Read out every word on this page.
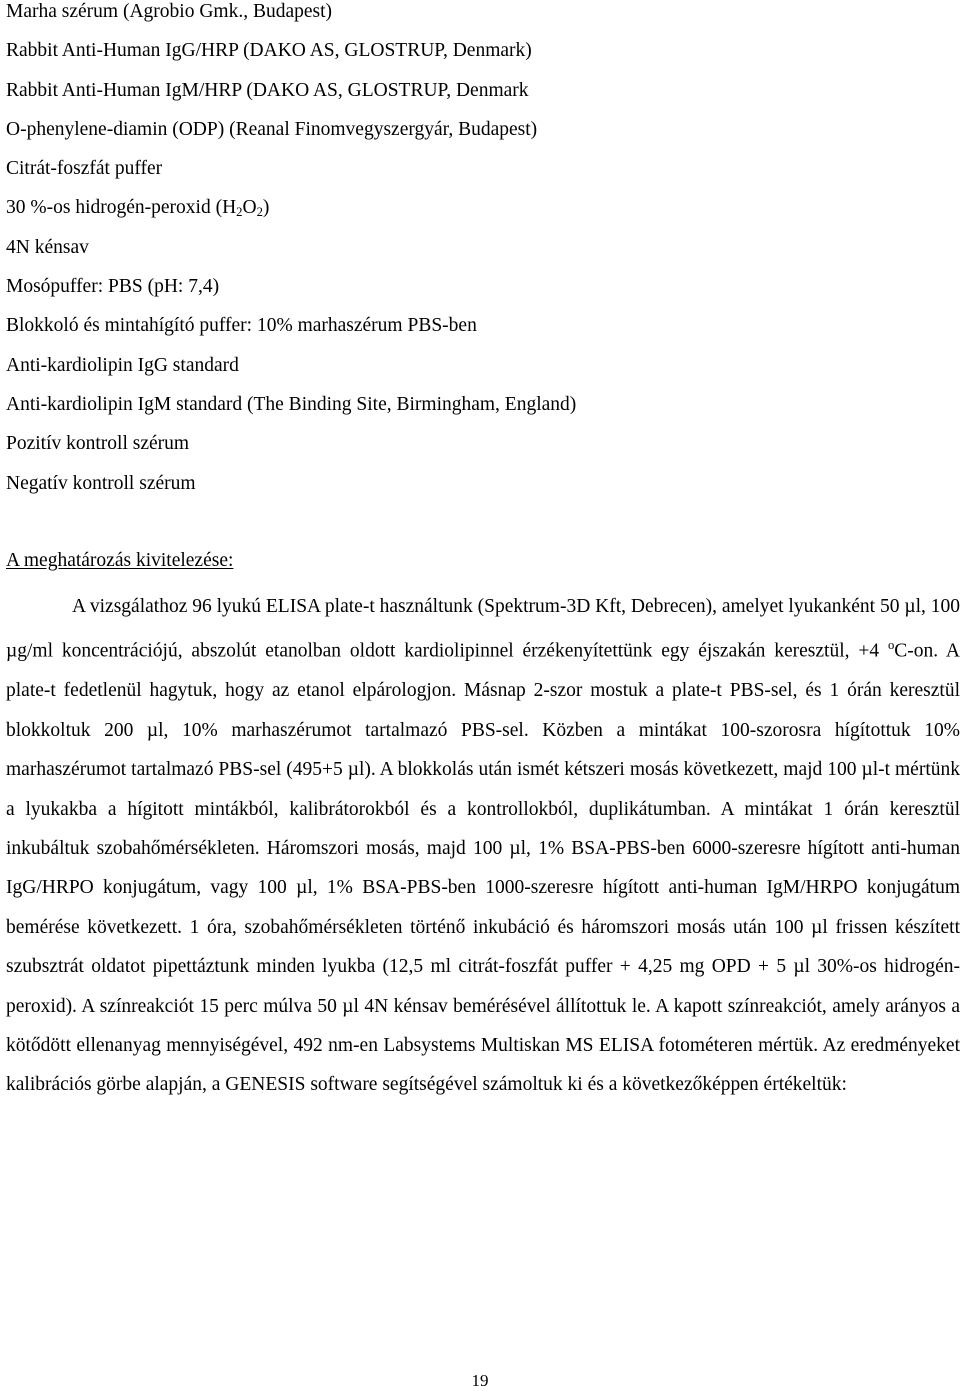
Marha szérum (Agrobio Gmk., Budapest)
Rabbit Anti-Human IgG/HRP (DAKO AS, GLOSTRUP, Denmark)
Rabbit Anti-Human IgM/HRP (DAKO AS, GLOSTRUP, Denmark
O-phenylene-diamin (ODP) (Reanal Finomvegyszergyár, Budapest)
Citrát-foszfát puffer
30 %-os hidrogén-peroxid $(H_2O_2)$
4N kénsav
Mosópuffer: PBS (pH: 7,4)
Blokkoló és mintahígító puffer: 10% marhaszérum PBS-ben
Anti-kardiolipin IgG standard
Anti-kardiolipin IgM standard (The Binding Site, Birmingham, England)
Pozitív kontroll szérum
Negatív kontroll szérum
A meghatározás kivitelezése:

A vizsgálathoz 96 lyukú ELISA plate-t használtunk (Spektrum-3D Kft, Debrecen), amelyet lyukanként 50 µl, 100 µg/ml koncentrációjú, abszolút etanolban oldott kardiolipinnel érzékenyítettünk egy éjszakán keresztül, +4 $^o$C-on. A plate-t fedetlenül hagytuk, hogy az etanol elpárologjon. Másnap 2-szor mostuk a plate-t PBS-sel, és 1 órán keresztül blokkoltuk 200 µl, 10% marhaszérumot tartalmazó PBS-sel. Közben a mintákat 100-szorosra hígítottuk 10% marhaszérumot tartalmazó PBS-sel (495+5 µl). A blokkolás után ismét kétszeri mosás következett, majd 100 µl-t mértünk a lyukakba a hígitott mintákból, kalibrátorokból és a kontrollokból, duplikátumban. A mintákat 1 órán keresztül inkubáltuk szobahőmérsékleten. Háromszori mosás, majd 100 µl, 1% BSA-PBS-ben 6000-szeresre hígított anti-human IgG/HRPO konjugátum, vagy 100 µl, 1% BSA-PBS-ben 1000-szeresre hígított anti-human IgM/HRPO konjugátum bemérése következett. 1 óra, szobahőmérsékleten történő inkubáció és háromszori mosás után 100 µl frissen készített szubsztrát oldatot pipettáztunk minden lyukba (12,5 ml citrát-foszfát puffer + 4,25 mg OPD + 5 µl 30%-os hidrogén-peroxid). A színreakciót 15 perc múlva 50 µl 4N kénsav bemérésével állítottuk le. A kapott színreakciót, amely arányos a kötődött ellenanyag mennyiségével, 492 nm-en Labsystems Multiskan MS ELISA fotométeren mértük. Az eredményeket kalibrációs görbe alapján, a GENESIS software segítségével számoltuk ki és a következőképpen értékeltük:

19
